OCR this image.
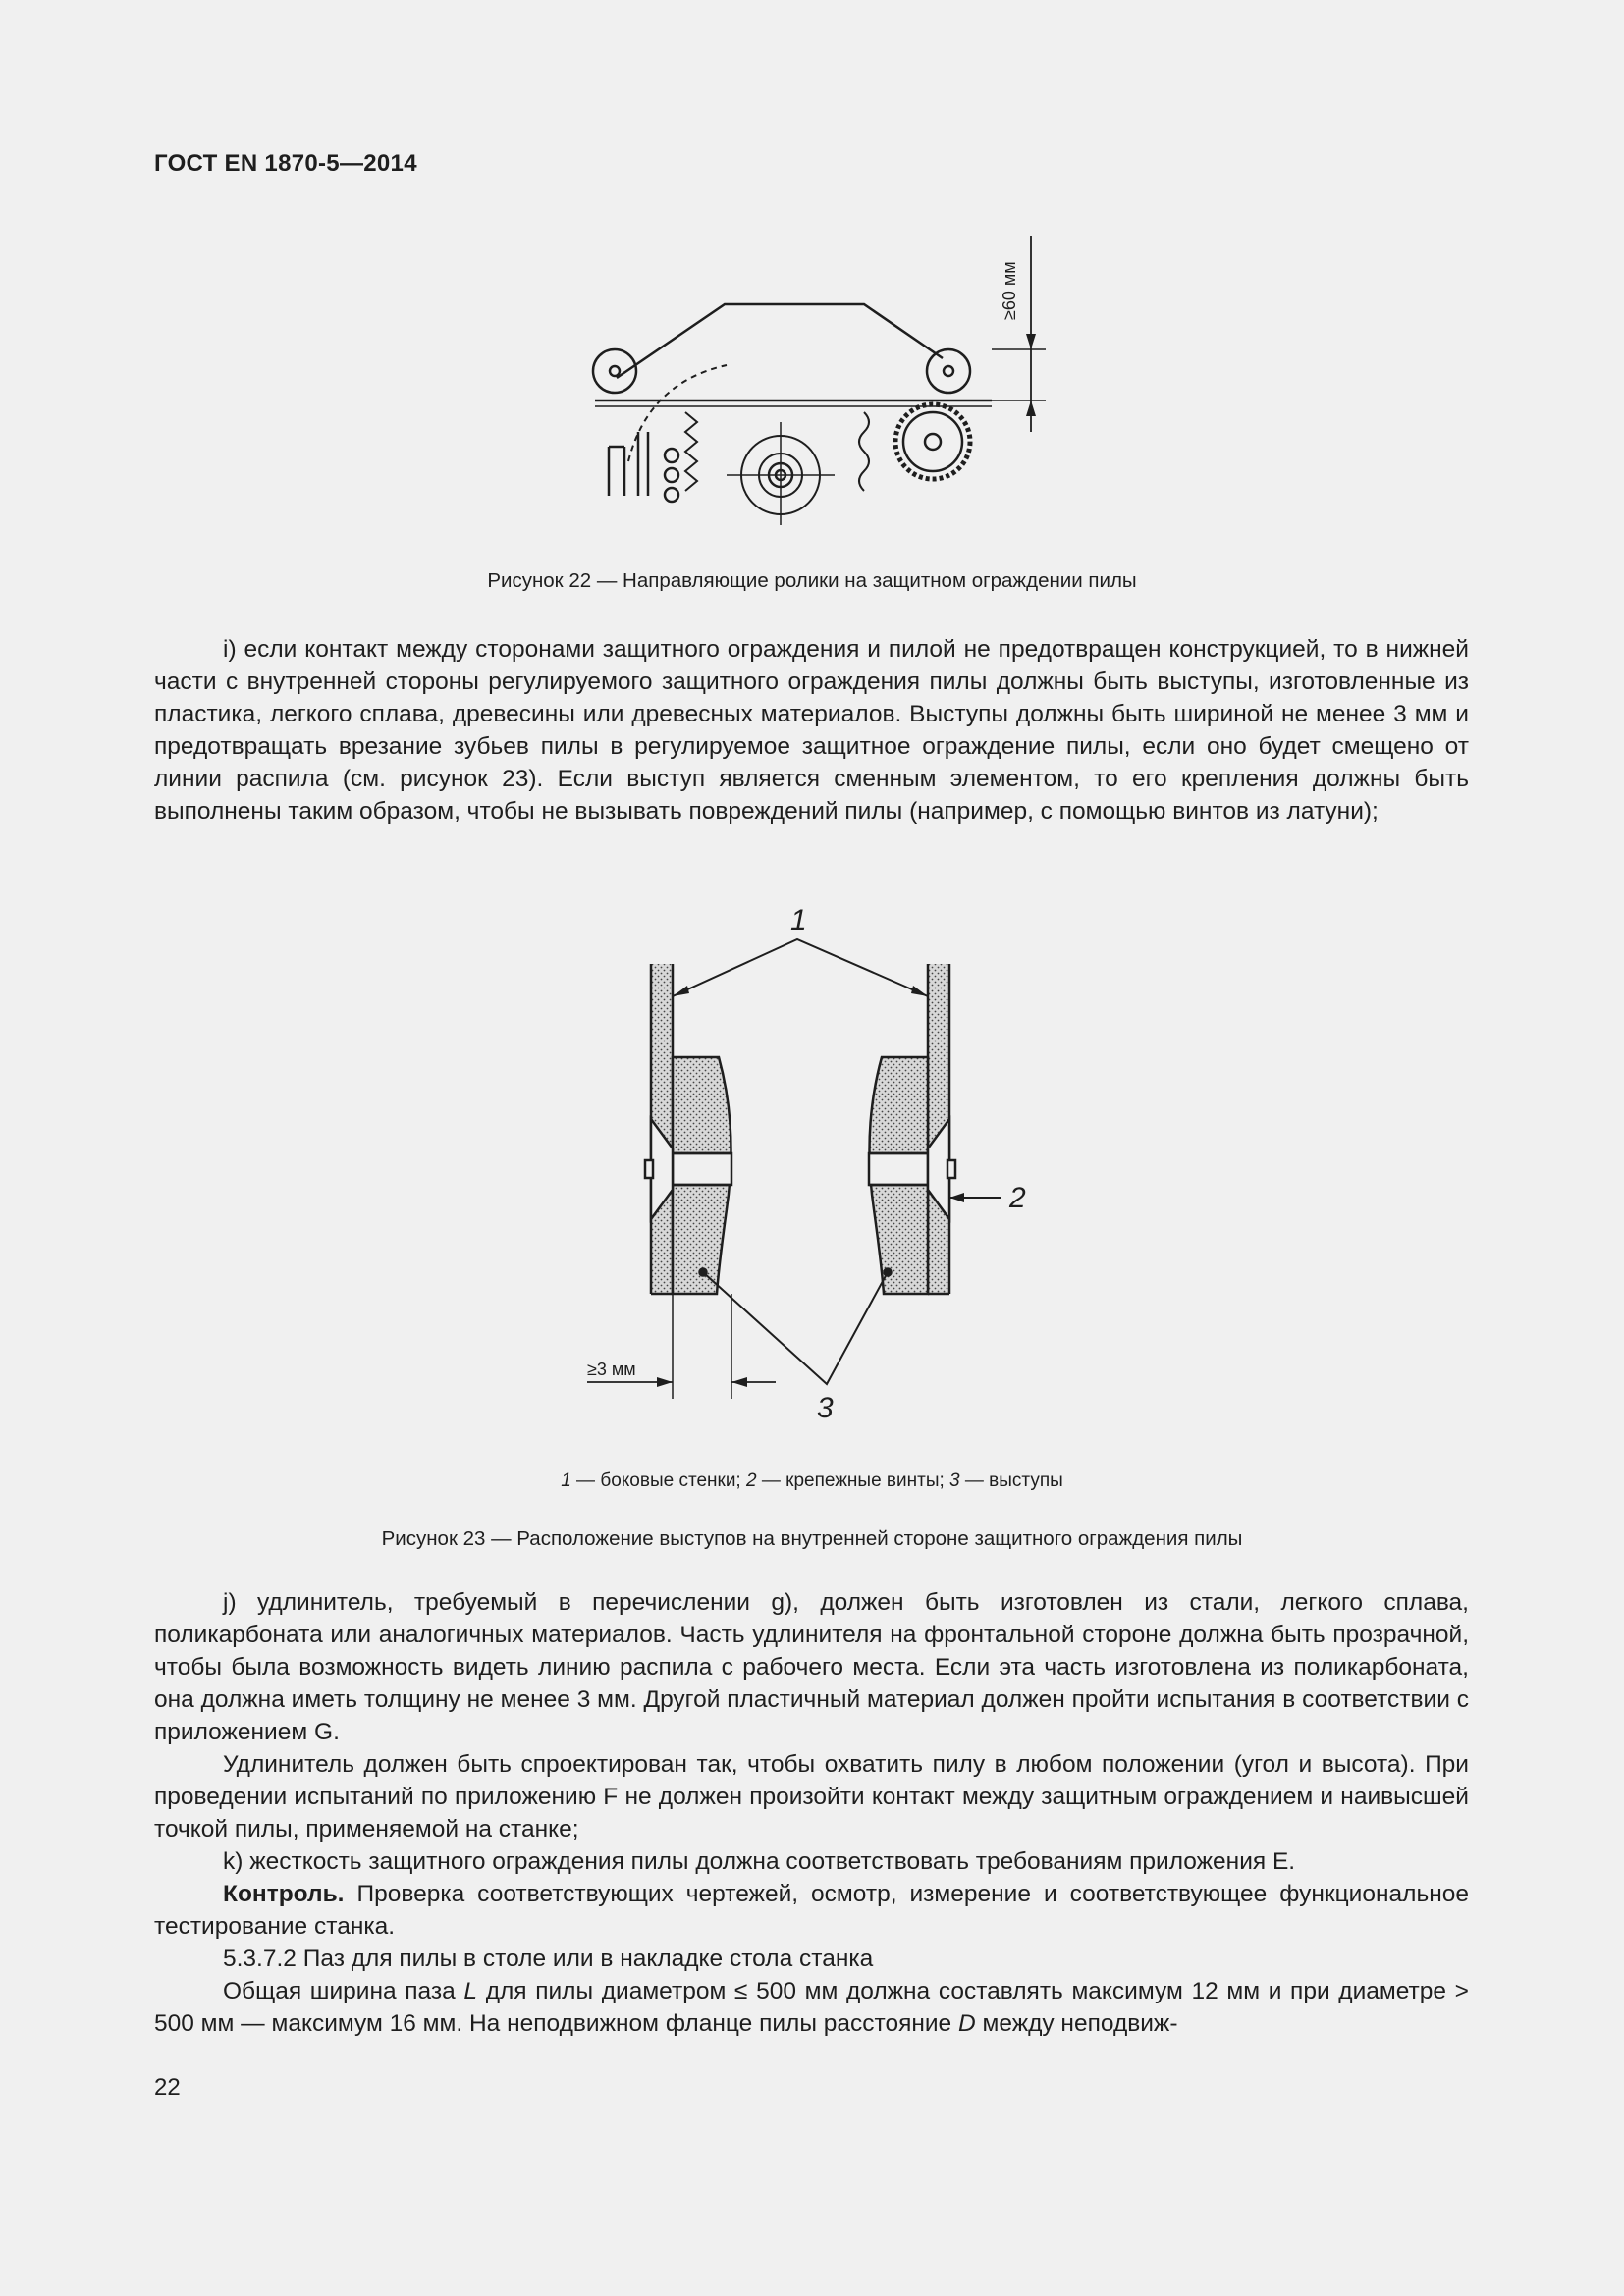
ГОСТ EN 1870-5—2014
≥60 мм
Рисунок 22 — Направляющие ролики на защитном ограждении пилы

i) если контакт между сторонами защитного ограждения и пилой не предотвращен конструкцией, то в нижней части с внутренней стороны регулируемого защитного ограждения пилы должны быть выступы, изготовленные из пластика, легкого сплава, древесины или древесных материалов. Выступы должны быть шириной не менее 3 мм и предотвращать врезание зубьев пилы в регулируемое защитное ограждение пилы, если оно будет смещено от линии распила (см. рисунок 23). Если выступ является сменным элементом, то его крепления должны быть выполнены таким образом, чтобы не вызывать повреждений пилы (например, с помощью винтов из латуни);

1
2
3
≥3 мм
1 — боковые стенки; 2 — крепежные винты; 3 — выступы
Рисунок 23 — Расположение выступов на внутренней стороне защитного ограждения пилы

j) удлинитель, требуемый в перечислении g), должен быть изготовлен из стали, легкого сплава, поликарбоната или аналогичных материалов. Часть удлинителя на фронтальной стороне должна быть прозрачной, чтобы была возможность видеть линию распила с рабочего места. Если эта часть изготовлена из поликарбоната, она должна иметь толщину не менее 3 мм. Другой пластичный материал должен пройти испытания в соответствии с приложением G.

Удлинитель должен быть спроектирован так, чтобы охватить пилу в любом положении (угол и высота). При проведении испытаний по приложению F не должен произойти контакт между защитным ограждением и наивысшей точкой пилы, применяемой на станке;

k) жесткость защитного ограждения пилы должна соответствовать требованиям приложения E.

Контроль. Проверка соответствующих чертежей, осмотр, измерение и соответствующее функциональное тестирование станка.

5.3.7.2 Паз для пилы в столе или в накладке стола станка

Общая ширина паза L для пилы диаметром ≤ 500 мм должна составлять максимум 12 мм и при диаметре > 500 мм — максимум 16 мм. На неподвижном фланце пилы расстояние D между неподвиж-

22
